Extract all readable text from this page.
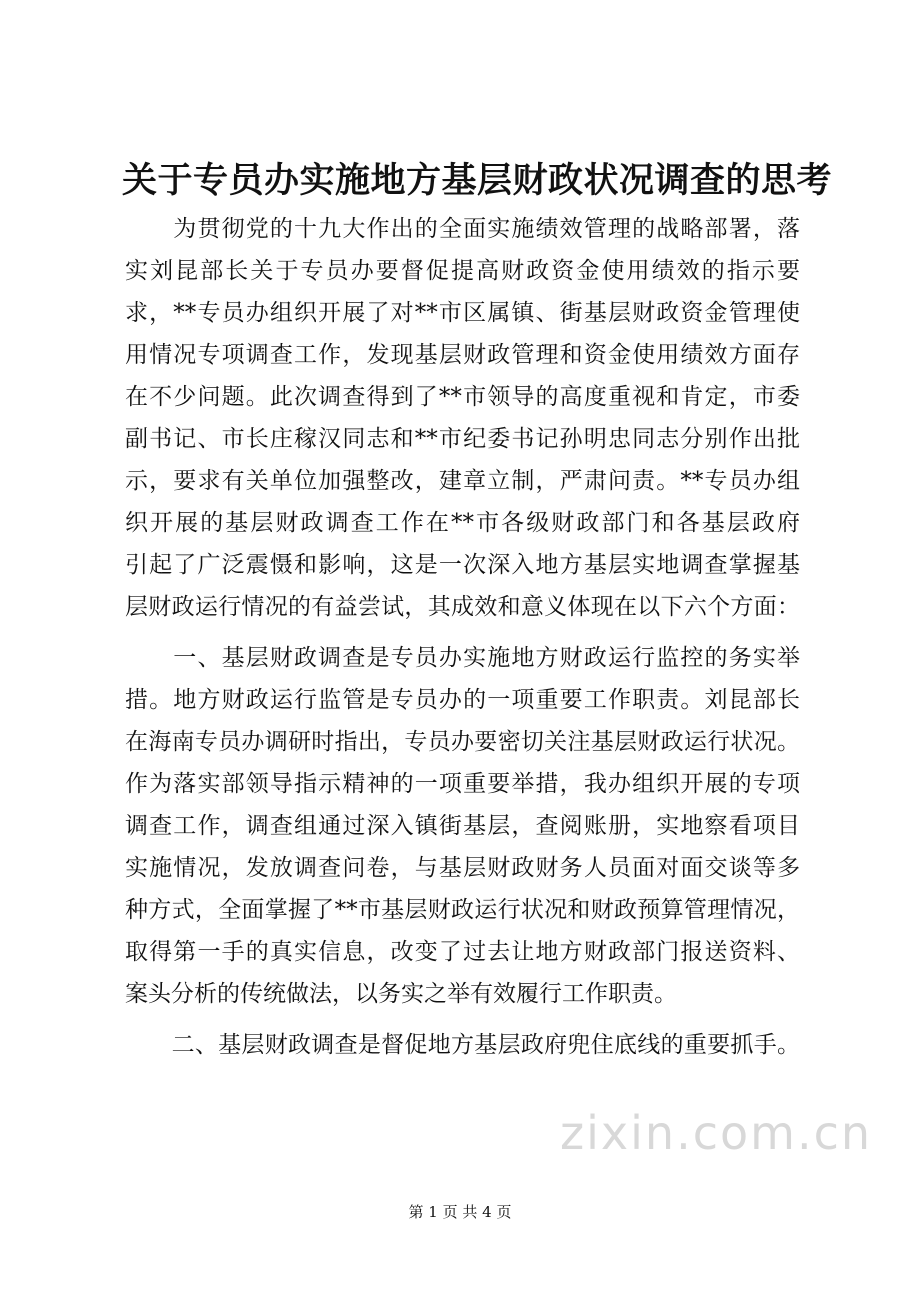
关于专员办实施地方基层财政状况调查的思考
　　为贯彻党的十九大作出的全面实施绩效管理的战略部署，落
实刘昆部长关于专员办要督促提高财政资金使用绩效的指示要
求，**专员办组织开展了对**市区属镇、街基层财政资金管理使
用情况专项调查工作，发现基层财政管理和资金使用绩效方面存
在不少问题。此次调查得到了**市领导的高度重视和肯定，市委
副书记、市长庄稼汉同志和**市纪委书记孙明忠同志分别作出批
示，要求有关单位加强整改，建章立制，严肃问责。**专员办组
织开展的基层财政调查工作在**市各级财政部门和各基层政府
引起了广泛震慑和影响，这是一次深入地方基层实地调查掌握基
层财政运行情况的有益尝试，其成效和意义体现在以下六个方面：
　　一、基层财政调查是专员办实施地方财政运行监控的务实举
措。地方财政运行监管是专员办的一项重要工作职责。刘昆部长
在海南专员办调研时指出，专员办要密切关注基层财政运行状况。
作为落实部领导指示精神的一项重要举措，我办组织开展的专项
调查工作，调查组通过深入镇街基层，查阅账册，实地察看项目
实施情况，发放调查问卷，与基层财政财务人员面对面交谈等多
种方式，全面掌握了**市基层财政运行状况和财政预算管理情况，
取得第一手的真实信息，改变了过去让地方财政部门报送资料、
案头分析的传统做法，以务实之举有效履行工作职责。
　　二、基层财政调查是督促地方基层政府兜住底线的重要抓手。
zixin.com.cn
第 1 页 共 4 页
